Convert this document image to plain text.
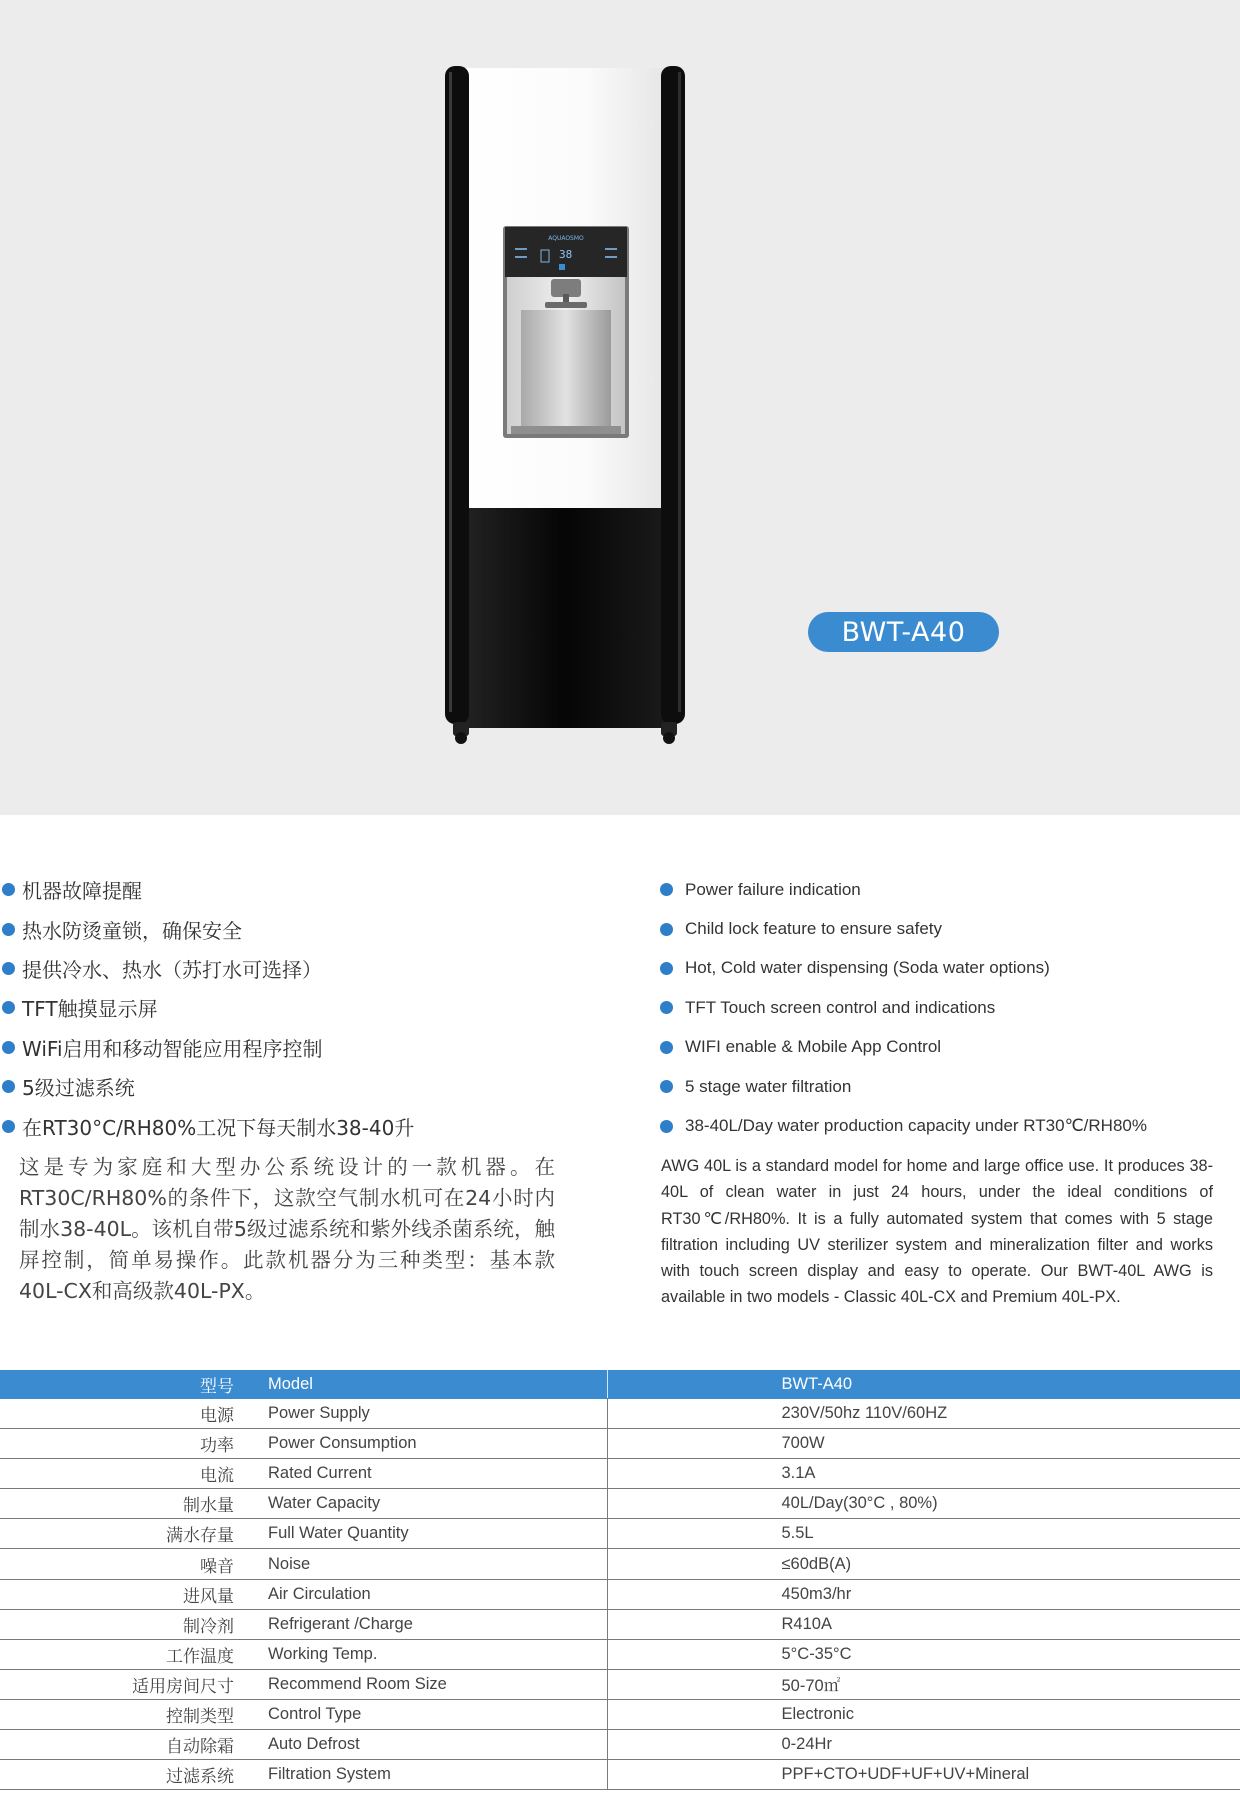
AQUAOSMO
38
BWT-A40
机器故障提醒
热水防烫童锁，确保安全
提供冷水、热水（苏打水可选择）
TFT触摸显示屏
WiFi启用和移动智能应用程序控制
5级过滤系统
在RT30°C/RH80%工况下每天制水38-40升
Power failure indication
Child lock feature to ensure safety
Hot, Cold water dispensing (Soda water options)
TFT Touch screen control and indications
WIFI enable & Mobile App Control
5 stage water filtration
38-40L/Day water production capacity under RT30℃/RH80%

这是专为家庭和大型办公系统设计的一款机器。在RT30C/RH80%的条件下，这款空气制水机可在24小时内制水38-40L。该机自带5级过滤系统和紫外线杀菌系统，触屏控制，简单易操作。此款机器分为三种类型：基本款40L-CX和高级款40L-PX。

AWG 40L is a standard model for home and large office use. It produces 38-40L of clean water in just 24 hours, under the ideal conditions of RT30℃/RH80%. It is a fully automated system that comes with 5 stage filtration including UV sterilizer system and mineralization filter and works with touch screen display and easy to operate. Our BWT-40L AWG is available in two models - Classic 40L-CX and Premium 40L-PX.

型号	Model	BWT-A40
电源	Power Supply	230V/50hz 110V/60HZ
功率	Power Consumption	700W
电流	Rated Current	3.1A
制水量	Water Capacity	40L/Day(30°C , 80%)
满水存量	Full Water Quantity	5.5L
噪音	Noise	≤60dB(A)
进风量	Air Circulation	450m3/hr
制冷剂	Refrigerant /Charge	R410A
工作温度	Working Temp.	5°C-35°C
适用房间尺寸	Recommend Room Size	50-70㎡
控制类型	Control Type	Electronic
自动除霜	Auto Defrost	0-24Hr
过滤系统	Filtration System	PPF+CTO+UDF+UF+UV+Mineral
